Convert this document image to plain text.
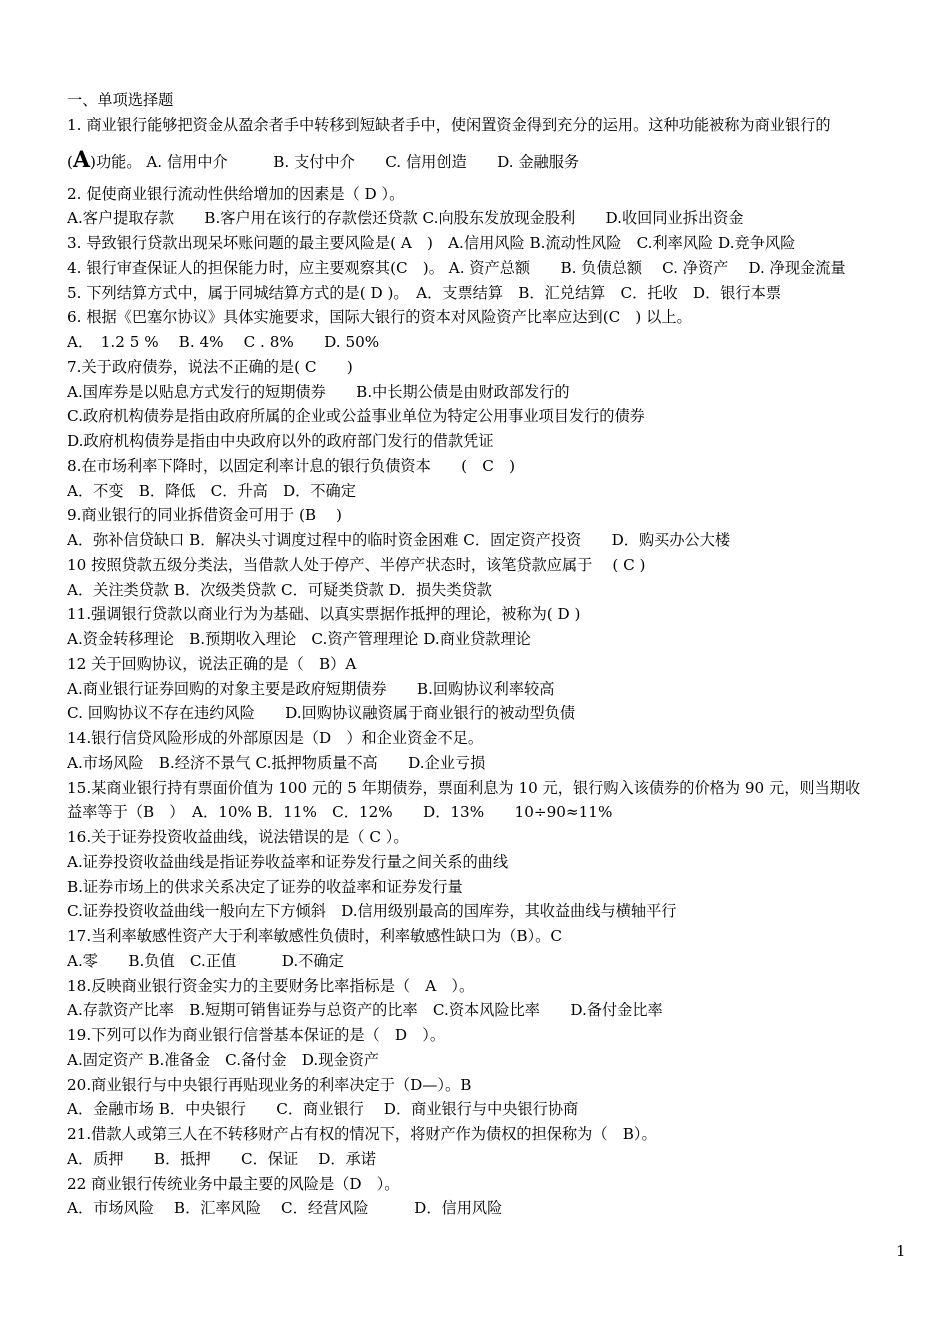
一、单项选择题
1. 商业银行能够把资金从盈余者手中转移到短缺者手中，使闲置资金得到充分的运用。这种功能被称为商业银行的
(A)功能。 A. 信用中介　　　B. 支付中介　　C. 信用创造　　D. 金融服务
2. 促使商业银行流动性供给增加的因素是（ D ）。
A.客户提取存款　　B.客户用在该行的存款偿还贷款 C.向股东发放现金股利　　D.收回同业拆出资金
3. 导致银行贷款出现呆坏账问题的最主要风险是( A　)　A.信用风险 B.流动性风险　C.利率风险 D.竞争风险
4. 银行审查保证人的担保能力时，应主要观察其(C　)。 A. 资产总额　　B. 负债总额　 C. 净资产　 D. 净现金流量
5. 下列结算方式中，属于同城结算方式的是( D )。　A．支票结算　B．汇兑结算　C．托收　D．银行本票
6. 根据《巴塞尔协议》具体实施要求，国际大银行的资本对风险资产比率应达到(C　) 以上。
A．　1.2 5 %　 B. 4%　 C . 8%　　D. 50%
7.关于政府债券，说法不正确的是( C　　)
A.国库券是以贴息方式发行的短期债券　　B.中长期公债是由财政部发行的
C.政府机构债券是指由政府所属的企业或公益事业单位为特定公用事业项目发行的债券
D.政府机构债券是指由中央政府以外的政府部门发行的借款凭证
8.在市场利率下降时，以固定利率计息的银行负债资本　　(　C　)
A．不变　B．降低　C．升高　D．不确定
9.商业银行的同业拆借资金可用于 (B　 )
A．弥补信贷缺口 B．解决头寸调度过程中的临时资金困难 C．固定资产投资　　D．购买办公大楼
10 按照贷款五级分类法，当借款人处于停产、半停产状态时，该笔贷款应属于　 ( C )
A．关注类贷款 B．次级类贷款 C．可疑类贷款 D．损失类贷款
11.强调银行贷款以商业行为为基础、以真实票据作抵押的理论，被称为( D )
A.资金转移理论　B.预期收入理论　C.资产管理理论 D.商业贷款理论
12 关于回购协议，说法正确的是（　B）A
A.商业银行证券回购的对象主要是政府短期债券　　B.回购协议利率较高
C. 回购协议不存在违约风险　　D.回购协议融资属于商业银行的被动型负债
14.银行信贷风险形成的外部原因是（D　）和企业资金不足。
A.市场风险　B.经济不景气 C.抵押物质量不高　　D.企业亏损
15.某商业银行持有票面价值为 100 元的 5 年期债券，票面利息为 10 元，银行购入该债券的价格为 90 元，则当期收
益率等于（B　）　A．10% B．11%　C．12%　　D．13%　　10÷90≈11%
16.关于证券投资收益曲线，说法错误的是（ C ）。
A.证券投资收益曲线是指证券收益率和证券发行量之间关系的曲线
B.证券市场上的供求关系决定了证券的收益率和证券发行量
C.证券投资收益曲线一般向左下方倾斜　D.信用级别最高的国库券，其收益曲线与横轴平行
17.当利率敏感性资产大于利率敏感性负债时，利率敏感性缺口为（B）。C
A.零　　B.负值　C.正值　　　D.不确定
18.反映商业银行资金实力的主要财务比率指标是（　A　）。
A.存款资产比率　B.短期可销售证券与总资产的比率　C.资本风险比率　　D.备付金比率
19.下列可以作为商业银行信誉基本保证的是（　D　）。
A.固定资产 B.准备金　C.备付金　D.现金资产
20.商业银行与中央银行再贴现业务的利率决定于（D—）。B
A．金融市场 B．中央银行　　C．商业银行　 D．商业银行与中央银行协商
21.借款人或第三人在不转移财产占有权的情况下，将财产作为债权的担保称为（　B）。
A．质押　　B．抵押　　C．保证　 D．承诺
22 商业银行传统业务中最主要的风险是（D　）。
A．市场风险　 B．汇率风险　 C．经营风险　　　D．信用风险
1
